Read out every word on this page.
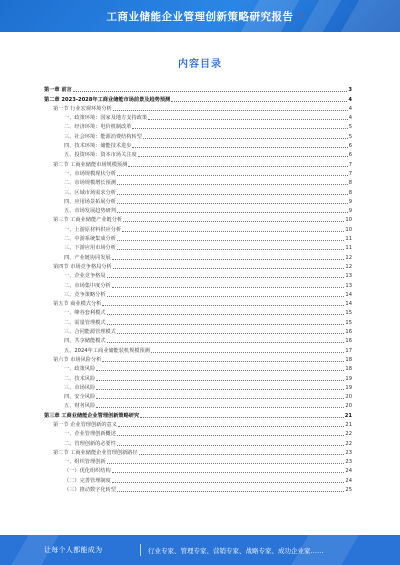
工商业储能企业管理创新策略研究报告
内容目录
第一章 前言	3
第二章 2023-2028年工商业储能市场前景及趋势预测	4
第一节 行业宏观环境分析	4
一、政策环境：国家及地方支持政策	4
二、经济环境：电价机制改革	5
三、社会环境：能源消费结构转型	5
四、技术环境：储能技术进步	6
五、投资环境：资本市场关注度	6
第二节 工商业储能市场规模预测	7
一、市场规模现状分析	7
二、市场规模增长预测	8
三、区域市场需求分析	8
四、应用场景拓展分析	9
五、市场发展趋势研判	9
第三节 工商业储能产业链分析	10
一、上游原材料供应分析	10
二、中游系统集成分析	11
三、下游应用市场分析	11
四、产业链协同发展	12
第四节 市场竞争格局分析	12
一、企业竞争格局	13
二、市场集中度分析	13
三、竞争策略分析	14
第五节 商业模式分析	14
一、峰谷套利模式	15
二、需量管理模式	15
三、合同能源管理模式	16
四、共享储能模式	16
五、2024年工商业储能装机规模预测	17
第六节 市场风险分析	18
一、政策风险	18
二、技术风险	19
三、市场风险	19
四、安全风险	20
五、财务风险	20
第三章 工商业储能企业管理创新策略研究	21
第一节 企业管理创新的意义	21
一、企业管理创新概述	22
二、管理创新的必要性	22
第二节 工商业储能企业管理创新路径	23
一、组织管理创新	23
（一）优化组织结构	24
（二）完善管理制度	24
（三）推动数字化转型	25
让每个人都能成为	行业专家、管理专家、营销专家、战略专家、成功企业家……
